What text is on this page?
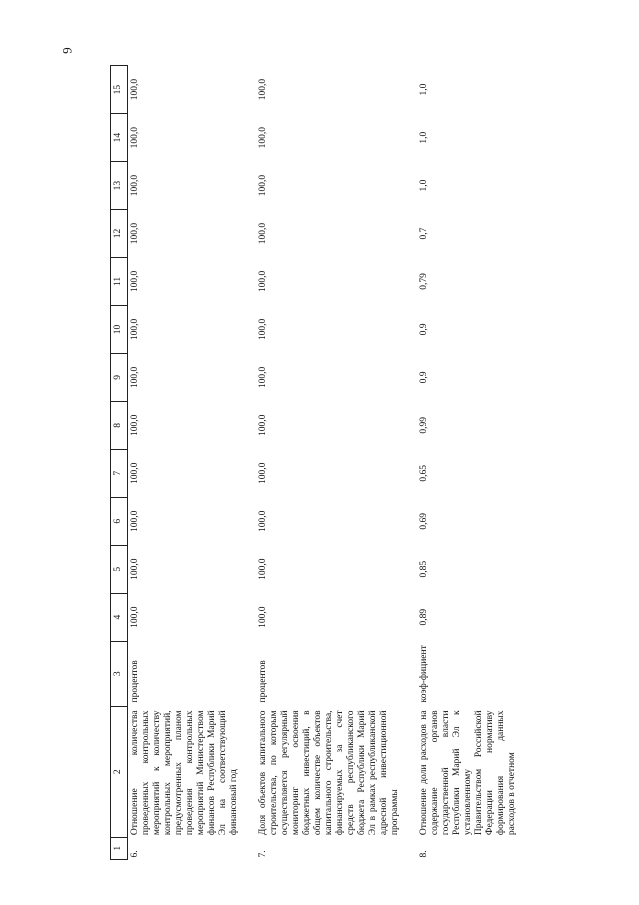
6
1	2	3	4	5	6	7	8	9	10	11	12	13	14	15
6.	Отношение количества проведенных контрольных мероприятий к количеству контрольных мероприятий, предусмотренных планом проведения контрольных мероприятий Министерством финансов Республики Марий Эл на соответствующий финансовый год	процентов	100,0	100,0	100,0	100,0	100,0	100,0	100,0	100,0	100,0	100,0	100,0	100,0

7.	Доля объектов капитального строительства, по которым осуществляется регулярный мониторинг освоения бюджетных инвестиций, в общем количестве объектов капитального строительства, финансируемых за счет средств республиканского бюджета Республики Марий Эл в рамках республиканской адресной инвестиционной программы	процентов	100,0	100,0	100,0	100,0	100,0	100,0	100,0	100,0	100,0	100,0	100,0	100,0

8.	Отношение доли расходов на содержание органов государственной власти Республики Марий Эл к установленному Правительством Российской Федерации нормативу формирования данных расходов в отчетном	коэф-фициент	0,89	0,85	0,69	0,65	0,99	0,9	0,9	0,79	0,7	1,0	1,0	1,0
